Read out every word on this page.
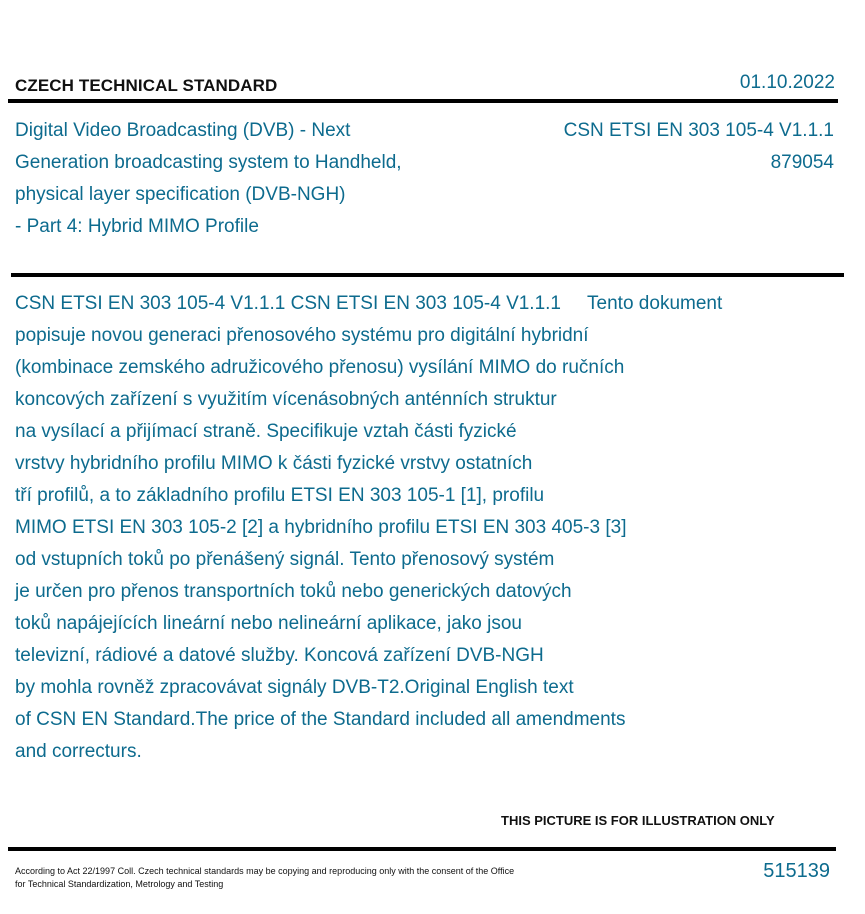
CZECH TECHNICAL STANDARD	01.10.2022
Digital Video Broadcasting (DVB) - Next
Generation broadcasting system to Handheld,
physical layer specification (DVB-NGH)
- Part 4: Hybrid MIMO Profile
CSN ETSI EN 303 105-4 V1.1.1
879054
CSN ETSI EN 303 105-4 V1.1.1 CSN ETSI EN 303 105-4 V1.1.1     Tento dokument
popisuje novou generaci přenosového systému pro digitální hybridní
(kombinace zemského adružicového přenosu) vysílání MIMO do ručních
koncových zařízení s využitím vícenásobných anténních struktur
na vysílací a přijímací straně. Specifikuje vztah části fyzické
vrstvy hybridního profilu MIMO k části fyzické vrstvy ostatních
tří profilů, a to základního profilu ETSI EN 303 105-1 [1], profilu
MIMO ETSI EN 303 105-2 [2] a hybridního profilu ETSI EN 303 405-3 [3]
od vstupních toků po přenášený signál. Tento přenosový systém
je určen pro přenos transportních toků nebo generických datových
toků napájejících lineární nebo nelineární aplikace, jako jsou
televizní, rádiové a datové služby. Koncová zařízení DVB-NGH
by mohla rovněž zpracovávat signály DVB-T2.Original English text
of CSN EN Standard.The price of the Standard included all amendments
and correcturs.
THIS PICTURE IS FOR ILLUSTRATION ONLY
According to Act 22/1997 Coll. Czech technical standards may be copying and reproducing only with the consent of the Office
for Technical Standardization, Metrology and Testing
515139
